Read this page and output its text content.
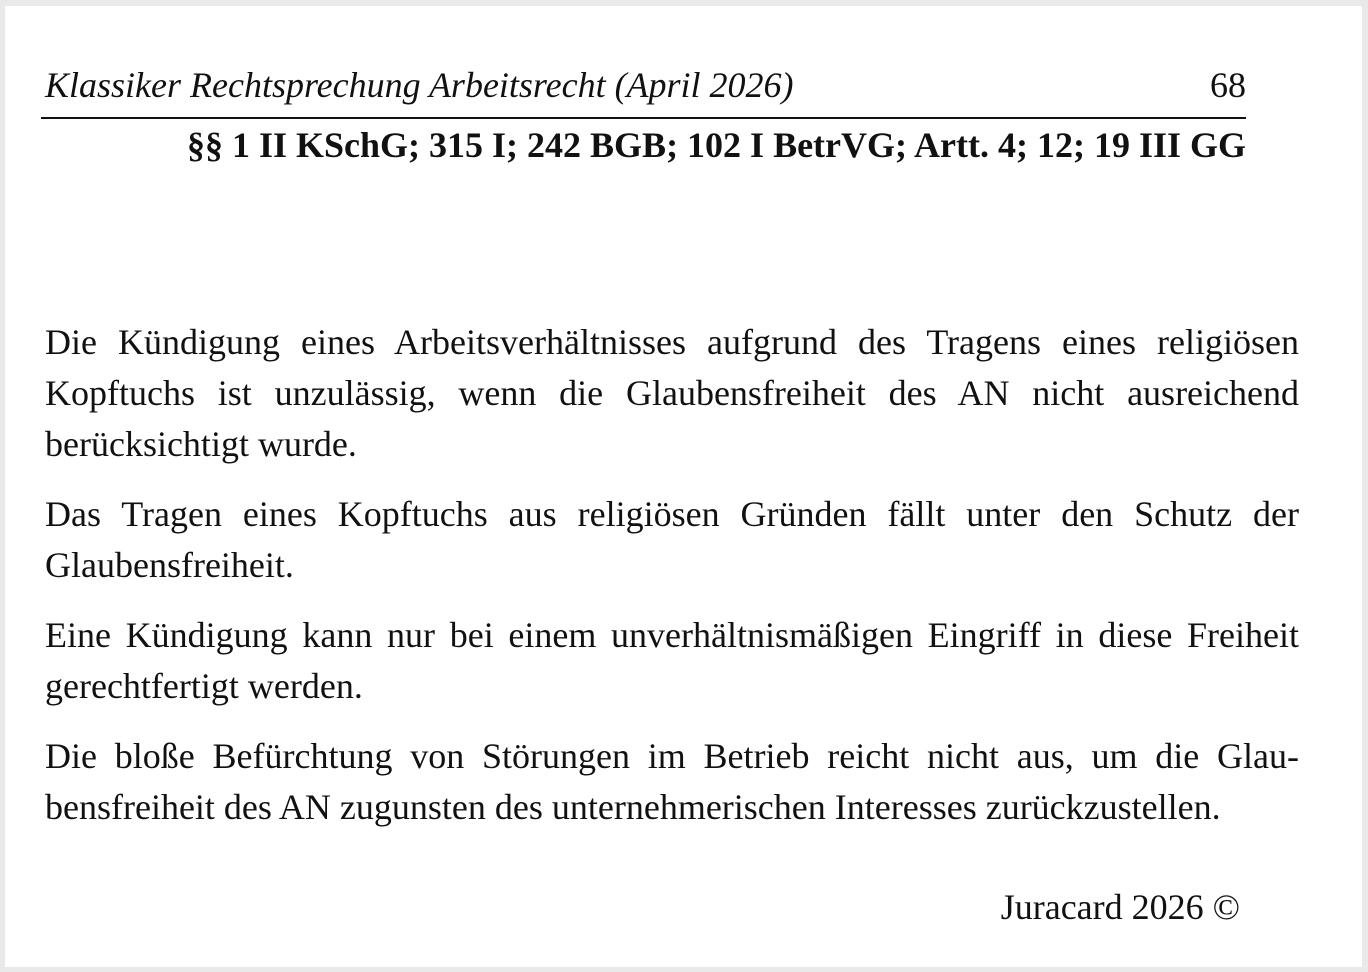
Klassiker Rechtsprechung Arbeitsrecht (April 2026)	68
§§ 1 II KSchG; 315 I; 242 BGB; 102 I BetrVG; Artt. 4; 12; 19 III GG

Die Kündigung eines Arbeitsverhältnisses aufgrund des Tragens eines religiösen Kopftuchs ist unzulässig, wenn die Glaubensfreiheit des AN nicht ausreichend berücksichtigt wurde.

Das Tragen eines Kopftuchs aus religiösen Gründen fällt unter den Schutz der Glaubensfreiheit.

Eine Kündigung kann nur bei einem unverhältnismäßigen Eingriff in diese Freiheit gerechtfertigt werden.

Die bloße Befürchtung von Störungen im Betrieb reicht nicht aus, um die Glaubensfreiheit des AN zugunsten des unternehmerischen Interesses zurückzustellen.

Juracard 2026 ©
